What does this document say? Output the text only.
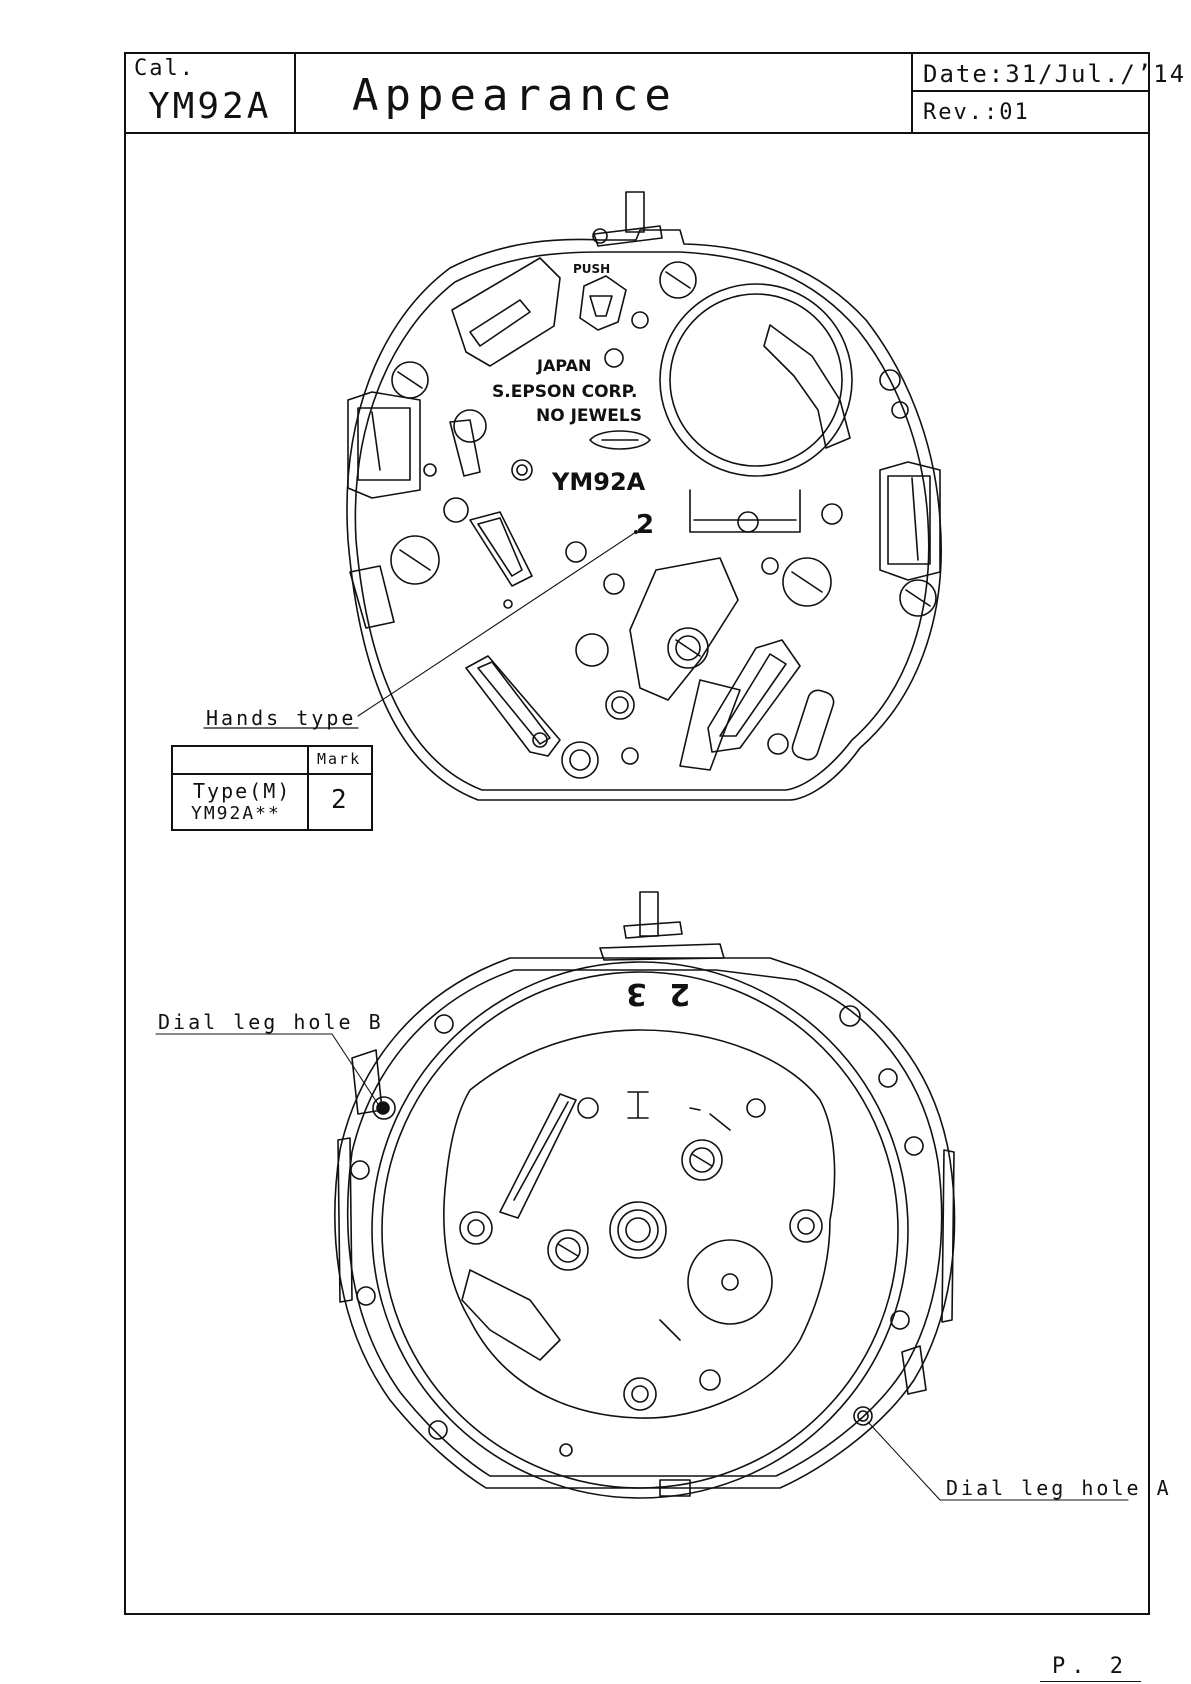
Cal.
YM92A Appearance	Date:31/Jul./’14
Rev.:01
PUSH
JAPAN
S.EPSON CORP.
NO JEWELS
YM92A
2
Hands type
Mark
Type(M)
YM92A** 2
2 3
Dial leg hole B
Dial leg hole A
P. 2
